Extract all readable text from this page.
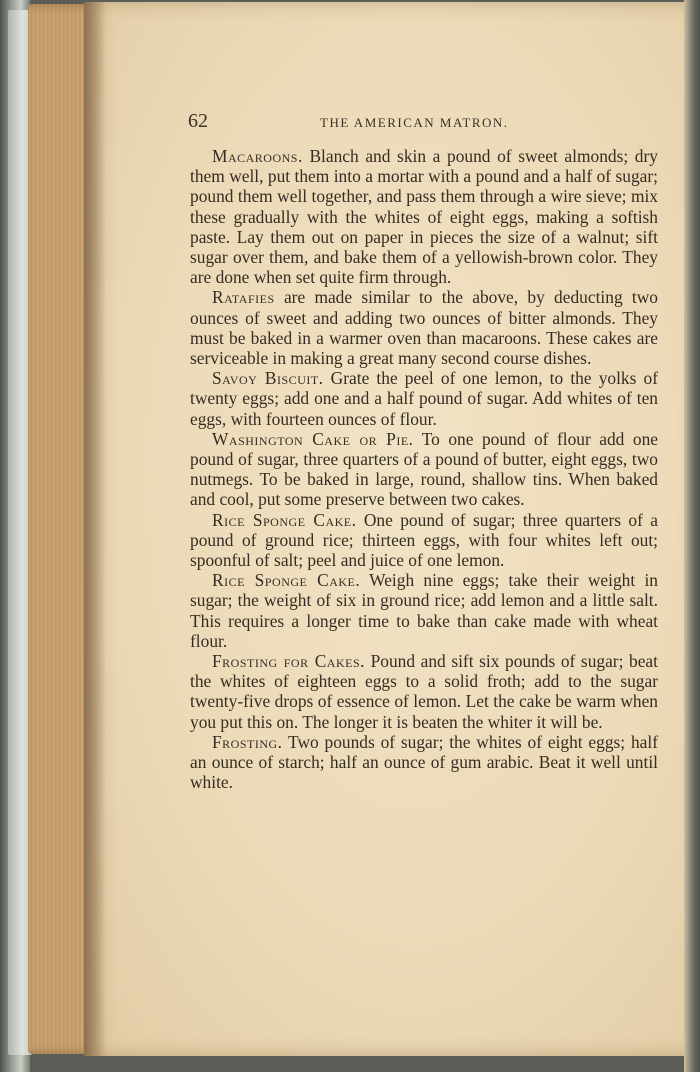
62	THE AMERICAN MATRON.

Macaroons. Blanch and skin a pound of sweet almonds; dry them well, put them into a mortar with a pound and a half of sugar; pound them well together, and pass them through a wire sieve; mix these gradually with the whites of eight eggs, making a softish paste. Lay them out on paper in pieces the size of a walnut; sift sugar over them, and bake them of a yellowish-brown color. They are done when set quite firm through.

Ratafies are made similar to the above, by deducting two ounces of sweet and adding two ounces of bitter almonds. They must be baked in a warmer oven than macaroons. These cakes are serviceable in making a great many second course dishes.

Savoy Biscuit. Grate the peel of one lemon, to the yolks of twenty eggs; add one and a half pound of sugar. Add whites of ten eggs, with fourteen ounces of flour.

Washington Cake or Pie. To one pound of flour add one pound of sugar, three quarters of a pound of butter, eight eggs, two nutmegs. To be baked in large, round, shallow tins. When baked and cool, put some preserve between two cakes.

Rice Sponge Cake. One pound of sugar; three quarters of a pound of ground rice; thirteen eggs, with four whites left out; spoonful of salt; peel and juice of one lemon.

Rice Sponge Cake. Weigh nine eggs; take their weight in sugar; the weight of six in ground rice; add lemon and a little salt. This requires a longer time to bake than cake made with wheat flour.

Frosting for Cakes. Pound and sift six pounds of sugar; beat the whites of eighteen eggs to a solid froth; add to the sugar twenty-five drops of essence of lemon. Let the cake be warm when you put this on. The longer it is beaten the whiter it will be.

Frosting. Two pounds of sugar; the whites of eight eggs; half an ounce of starch; half an ounce of gum arabic. Beat it well until white.
